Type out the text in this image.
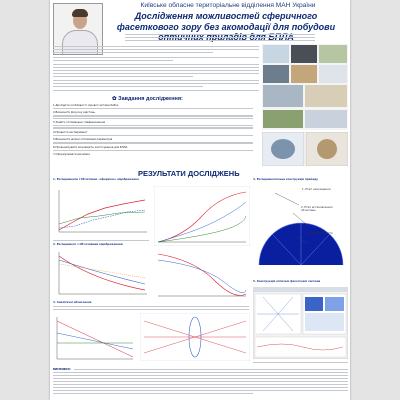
Київське обласне територіальне відділення МАН України
Дослідження можливостей сферичного фасеткового зору без акомодації для побудови
✿ Завдання дослідження:
1.Дослідити особливості зорової системи бабок
2.Визначити фокусну відстань
3.Знайти оптимальне співвідношення
4.Провести експеримент
5.Визначити шляхи оптимізації параметрів
6.Проаналізувати можливість застосування для БПЛА
7.Сформулювати висновки
РЕЗУЛЬТАТИ ДОСЛІДЖЕНЬ
1. Експерименти і Об'єктивне «сферичне» відображення
2. Експеримент з Об'єктивним відображенням
4. Експериментальна конструкція приладу
1. Етап нахождення
2. Етап встановлення і обчислень
3. Камера злиття
5. Конструкція оптичної фасеткової системи
3. Аналітичні обчислення
ВИСНОВКИ:
